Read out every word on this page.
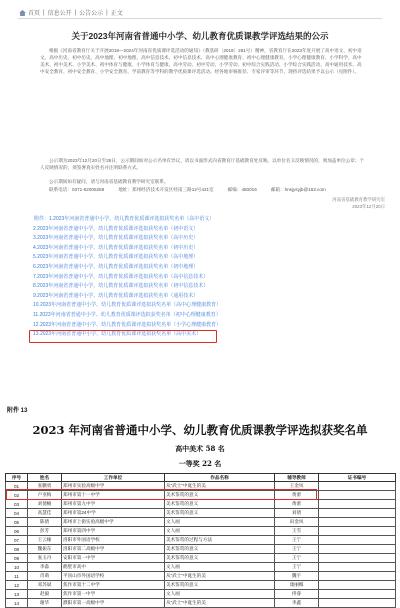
首页 | 信息公开 | 公告公示 | 正文
关于2023年河南省普通中小学、幼儿教育优质课教学评选结果的公示
根据《河南省教育厅关于开展2019—2024年河南省优质课评选活动的通知》（教基研〔2019〕261号）精神，省教育厅在2023年度开展了高中语文、初中语文、高中历史、初中历史、高中地理、初中地理、高中信息技术、初中信息技术、高中心理健康教育、初中心理健康教育、小学心理健康教育、小学科学、高中美术、初中美术、小学美术、初中体育与健康、小学体育与健康、高中劳动、初中劳动、小学劳动、初中综合实践活动、小学综合实践活动、高中通用技术、高中安全教育、初中安全教育、小学安全教育、学前教育等学科的教学优质课评选活动。经各地审核推荐、专家评审等环节，现将评选结果予以公示（见附件）。
公示期为2023年12月20日至26日，公示期间如对公示名单有异议，请以书面形式向省教育厅基础教育处反映。以单位名义反映情况的，须加盖单位公章；个人反映情况的，须签署真实姓名并注明联系方式。
公示期间如有疑问，请与河南省基础教育教学研究室联系。
联系电话：0371-62005268	地址：郑州经济技术开发区经南三路12号421室	邮编：450016	邮箱：hnsjysyjb@163.com
河南省基础教育教学研究室
2023年12月20日
附件：1.2023年河南省普通中小学、幼儿教育优质课评选拟获奖名单（高中语文）
2.2023年河南省普通中小学、幼儿教育优质课评选拟获奖名单（初中语文）
3.2023年河南省普通中小学、幼儿教育优质课评选拟获奖名单（高中历史）
4.2023年河南省普通中小学、幼儿教育优质课评选拟获奖名单（初中历史）
5.2023年河南省普通中小学、幼儿教育优质课评选拟获奖名单（高中地理）
6.2023年河南省普通中小学、幼儿教育优质课评选拟获奖名单（初中地理）
7.2023年河南省普通中小学、幼儿教育优质课评选拟获奖名单（高中信息技术）
8.2023年河南省普通中小学、幼儿教育优质课评选拟获奖名单（初中信息技术）
9.2023年河南省普通中小学、幼儿教育优质课评选拟获奖名单（通用技术）
10.2023年河南省普通中小学、幼儿教育优质课评选拟获奖名单（高中心理健康教育）
11.2023年河南省普通中小学、幼儿教育优质课评选拟获奖名单（初中心理健康教育）
12.2023年河南省普通中小学、幼儿教育优质课评选拟获奖名单（小学心理健康教育）
13.2023年河南省普通中小学、幼儿教育优质课评选拟获奖名单（高中美术）
附件 13
2023 年河南省普通中小学、幼儿教育优质课教学评选拟获奖名单
高中美术 58 名
一等奖 22 名
序号	姓名	工作单位	作品名称	辅导教师	证书编号
01	张鹏勇	郑州市实验高级中学	从“武士”中诞生的美	王金凤	
02	卢亚梅	郑州市第十一中学	美术鉴赏的意义	黄蕾	
03	刘倩楠	郑州市第九中学	美术鉴赏的意义	黄蕾	
04	高慧佳	郑州市第24中学	美术鉴赏的意义	刘倩	
05	陈倩	郑州市上街实验高级中学	文人画	田金凤	
06	彭芳	郑州市第四中学	文人画	王雪	
07	王云缘	洛阳市外国语学校	美术鉴赏的过程与方法	王宁	
08	魏振东	洛阳市第二高级中学	美术鉴赏的意义	王宁	
09	张玉丹	安阳市第一中学	美术鉴赏的意义	王宁	
10	李淼	鹤壁市高中	文人画	王宁	
11	肖萌	平顶山市外国语学校	从“武士”中诞生的美	魏宇	
12	邓苏斌	焦作市第十二中学	美术鉴赏的意义	康丽娜	
13	赵毅	焦作市第一中学	文人画	佟睿	
14	谢华	濮阳市第一高级中学	从“武士”中诞生的美	李鑫	
